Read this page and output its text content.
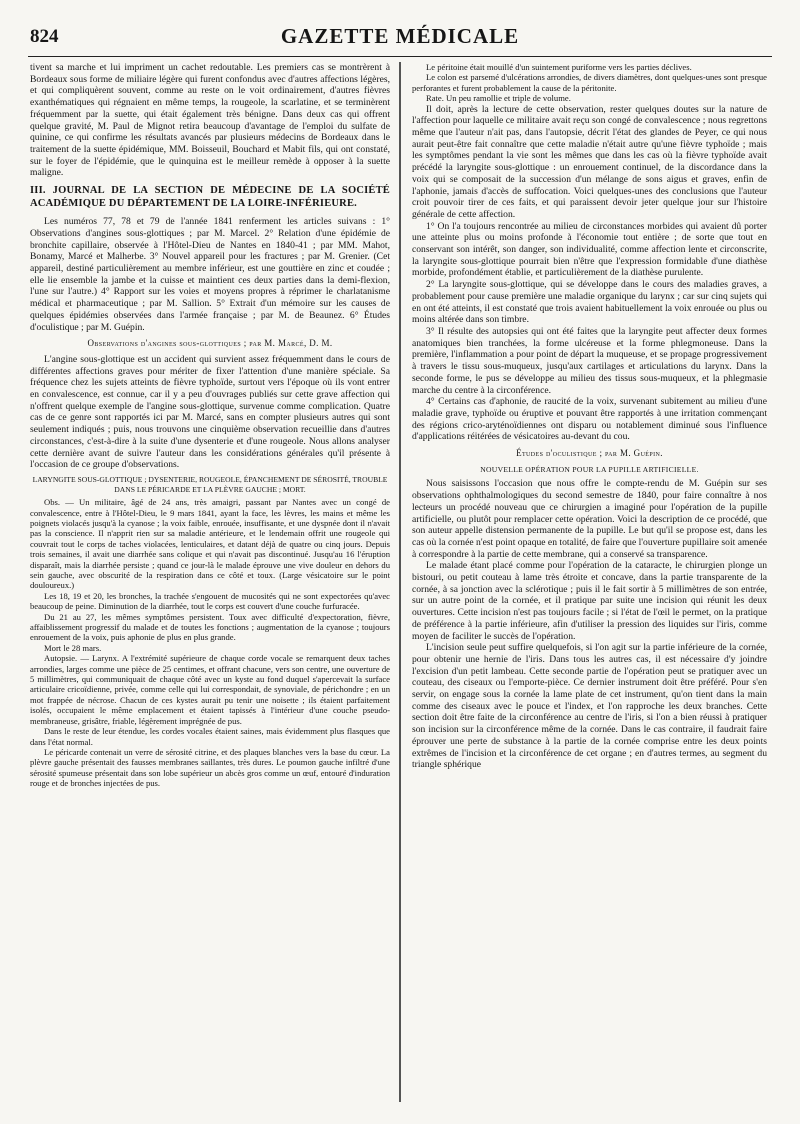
824	GAZETTE MÉDICALE

tivent sa marche et lui impriment un cachet redoutable. Les premiers cas se montrèrent à Bordeaux sous forme de miliaire légère qui furent confondus avec d'autres affections légères, et qui compliquèrent souvent, comme au reste on le voit ordinairement, d'autres fièvres exanthématiques qui régnaient en même temps, la rougeole, la scarlatine, et se terminèrent fréquemment par la suette, qui était également très bénigne. Dans deux cas qui offrent quelque gravité, M. Paul de Mignot retira beaucoup d'avantage de l'emploi du sulfate de quinine, ce qui confirme les résultats avancés par plusieurs médecins de Bordeaux dans le traitement de la suette épidémique, MM. Boisseuil, Bouchard et Mabit fils, qui ont constaté, sur le foyer de l'épidémie, que le quinquina est le meilleur remède à opposer à la suette maligne.

III. JOURNAL DE LA SECTION DE MÉDECINE DE LA SOCIÉTÉ ACADÉMIQUE DU DÉPARTEMENT DE LA LOIRE-INFÉRIEURE.

Les numéros 77, 78 et 79 de l'année 1841 renferment les articles suivans : 1° Observations d'angines sous-glottiques ; par M. Marcel. 2° Relation d'une épidémie de bronchite capillaire, observée à l'Hôtel-Dieu de Nantes en 1840-41 ; par MM. Mahot, Bonamy, Marcé et Malherbe. 3° Nouvel appareil pour les fractures ; par M. Grenier. (Cet appareil, destiné particulièrement au membre inférieur, est une gouttière en zinc et coudée ; elle lie ensemble la jambe et la cuisse et maintient ces deux parties dans la demi-flexion, l'une sur l'autre.) 4° Rapport sur les voies et moyens propres à réprimer le charlatanisme médical et pharmaceutique ; par M. Sallion. 5° Extrait d'un mémoire sur les causes de quelques épidémies observées dans l'armée française ; par M. de Beaunez. 6° Études d'oculistique ; par M. Guépin.

Observations d'angines sous-glottiques ; par M. Marcé, D. M.

L'angine sous-glottique est un accident qui survient assez fréquemment dans le cours de différentes affections graves pour mériter de fixer l'attention d'une manière spéciale. Sa fréquence chez les sujets atteints de fièvre typhoïde, surtout vers l'époque où ils vont entrer en convalescence, est connue, car il y a peu d'ouvrages publiés sur cette grave affection qui n'offrent quelque exemple de l'angine sous-glottique, survenue comme complication. Quatre cas de ce genre sont rapportés ici par M. Marcé, sans en compter plusieurs autres qui sont seulement indiqués ; puis, nous trouvons une cinquième observation recueillie dans d'autres circonstances, c'est-à-dire à la suite d'une dysenterie et d'une rougeole. Nous allons analyser cette dernière avant de suivre l'auteur dans les considérations générales qu'il présente à l'occasion de ce groupe d'observations.

LARYNGITE SOUS-GLOTTIQUE ; DYSENTERIE, ROUGEOLE, ÉPANCHEMENT DE SÉROSITÉ, TROUBLE DANS LE PÉRICARDE ET LA PLÈVRE GAUCHE ; MORT.

Obs. — Un militaire, âgé de 24 ans, très amaigri, passant par Nantes avec un congé de convalescence, entre à l'Hôtel-Dieu, le 9 mars 1841, ayant la face, les lèvres, les mains et même les poignets violacés jusqu'à la cyanose ; la voix faible, enrouée, insuffisante, et une dyspnée dont il n'avait pas la conscience. Il n'apprit rien sur sa maladie antérieure, et le lendemain offrit une rougeole qui couvrait tout le corps de taches violacées, lenticulaires, et datant déjà de quatre ou cinq jours. Depuis trois semaines, il avait une diarrhée sans colique et qui n'avait pas discontinué. Jusqu'au 16 l'éruption disparaît, mais la diarrhée persiste ; quand ce jour-là le malade éprouve une vive douleur en dehors du sein gauche, avec obscurité de la respiration dans ce côté et toux. (Large vésicatoire sur le point douloureux.)

Les 18, 19 et 20, les bronches, la trachée s'engouent de mucosités qui ne sont expectorées qu'avec beaucoup de peine. Diminution de la diarrhée, tout le corps est couvert d'une couche furfuracée.

Du 21 au 27, les mêmes symptômes persistent. Toux avec difficulté d'expectoration, fièvre, affaiblissement progressif du malade et de toutes les fonctions ; augmentation de la cyanose ; toujours enrouement de la voix, puis aphonie de plus en plus grande.

Mort le 28 mars.

Autopsie. — Larynx. A l'extrémité supérieure de chaque corde vocale se remarquent deux taches arrondies, larges comme une pièce de 25 centimes, et offrant chacune, vers son centre, une ouverture de 5 millimètres, qui communiquait de chaque côté avec un kyste au fond duquel s'apercevait la surface articulaire cricoïdienne, privée, comme celle qui lui correspondait, de synoviale, de périchondre ; en un mot frappée de nécrose. Chacun de ces kystes aurait pu tenir une noisette ; ils étaient parfaitement isolés, occupaient le même emplacement et étaient tapissés à l'intérieur d'une couche pseudo-membraneuse, grisâtre, friable, légèrement imprégnée de pus.

Dans le reste de leur étendue, les cordes vocales étaient saines, mais évidemment plus flasques que dans l'état normal.

Le péricarde contenait un verre de sérosité citrine, et des plaques blanches vers la base du cœur. La plèvre gauche présentait des fausses membranes saillantes, très dures. Le poumon gauche infiltré d'une sérosité spumeuse présentait dans son lobe supérieur un abcès gros comme un œuf, entouré d'induration rouge et de bronches injectées de pus.

Le péritoine était mouillé d'un suintement puriforme vers les parties déclives.

Le colon est parsemé d'ulcérations arrondies, de divers diamètres, dont quelques-unes sont presque perforantes et furent probablement la cause de la péritonite.

Rate. Un peu ramollie et triple de volume.

Il doit, après la lecture de cette observation, rester quelques doutes sur la nature de l'affection pour laquelle ce militaire avait reçu son congé de convalescence ; nous regrettons même que l'auteur n'ait pas, dans l'autopsie, décrit l'état des glandes de Peyer, ce qui nous aurait peut-être fait connaître que cette maladie n'était autre qu'une fièvre typhoïde ; mais les symptômes pendant la vie sont les mêmes que dans les cas où la fièvre typhoïde avait précédé la laryngite sous-glottique : un enrouement continuel, de la discordance dans la voix qui se composait de la succession d'un mélange de sons aigus et graves, enfin de l'aphonie, jamais d'accès de suffocation. Voici quelques-unes des conclusions que l'auteur croit pouvoir tirer de ces faits, et qui paraissent devoir jeter quelque jour sur l'histoire générale de cette affection.

1° On l'a toujours rencontrée au milieu de circonstances morbides qui avaient dû porter une atteinte plus ou moins profonde à l'économie tout entière ; de sorte que tout en conservant son intérêt, son danger, son individualité, comme affection lente et circonscrite, la laryngite sous-glottique pourrait bien n'être que l'expression formidable d'une diathèse morbide, profondément établie, et particulièrement de la diathèse purulente.

2° La laryngite sous-glottique, qui se développe dans le cours des maladies graves, a probablement pour cause première une maladie organique du larynx ; car sur cinq sujets qui en ont été atteints, il est constaté que trois avaient habituellement la voix enrouée ou plus ou moins altérée dans son timbre.

3° Il résulte des autopsies qui ont été faites que la laryngite peut affecter deux formes anatomiques bien tranchées, la forme ulcéreuse et la forme phlegmoneuse. Dans la première, l'inflammation a pour point de départ la muqueuse, et se propage progressivement à travers le tissu sous-muqueux, jusqu'aux cartilages et articulations du larynx. Dans la seconde forme, le pus se développe au milieu des tissus sous-muqueux, et la phlegmasie marche du centre à la circonférence.

4° Certains cas d'aphonie, de raucité de la voix, survenant subitement au milieu d'une maladie grave, typhoïde ou éruptive et pouvant être rapportés à une irritation commençant des régions crico-aryténoïdiennes ont disparu ou notablement diminué sous l'influence d'applications réitérées de vésicatoires au-devant du cou.

Études d'oculistique ; par M. Guépin.
NOUVELLE OPÉRATION POUR LA PUPILLE ARTIFICIELLE.

Nous saisissons l'occasion que nous offre le compte-rendu de M. Guépin sur ses observations ophthalmologiques du second semestre de 1840, pour faire connaître à nos lecteurs un procédé nouveau que ce chirurgien a imaginé pour l'opération de la pupille artificielle, ou plutôt pour remplacer cette opération. Voici la description de ce procédé, que son auteur appelle distension permanente de la pupille. Le but qu'il se propose est, dans les cas où la cornée n'est point opaque en totalité, de faire que l'ouverture pupillaire soit amenée à correspondre à la partie de cette membrane, qui a conservé sa transparence.

Le malade étant placé comme pour l'opération de la cataracte, le chirurgien plonge un bistouri, ou petit couteau à lame très étroite et concave, dans la partie transparente de la cornée, à sa jonction avec la sclérotique ; puis il le fait sortir à 5 millimètres de son entrée, sur un autre point de la cornée, et il pratique par suite une incision qui réunit les deux ouvertures. Cette incision n'est pas toujours facile ; si l'état de l'œil le permet, on la pratique de préférence à la partie inférieure, afin d'utiliser la pression des liquides sur l'iris, comme moyen de faciliter le succès de l'opération.

L'incision seule peut suffire quelquefois, si l'on agit sur la partie inférieure de la cornée, pour obtenir une hernie de l'iris. Dans tous les autres cas, il est nécessaire d'y joindre l'excision d'un petit lambeau. Cette seconde partie de l'opération peut se pratiquer avec un couteau, des ciseaux ou l'emporte-pièce. Ce dernier instrument doit être préféré. Pour s'en servir, on engage sous la cornée la lame plate de cet instrument, qu'on tient dans la main comme des ciseaux avec le pouce et l'index, et l'on rapproche les deux branches. Cette section doit être faite de la circonférence au centre de l'iris, si l'on a bien réussi à pratiquer son incision sur la circonférence même de la cornée. Dans le cas contraire, il faudrait faire éprouver une perte de substance à la partie de la cornée comprise entre les deux points extrêmes de l'incision et la circonférence de cet organe ; en d'autres termes, au segment du triangle sphérique
